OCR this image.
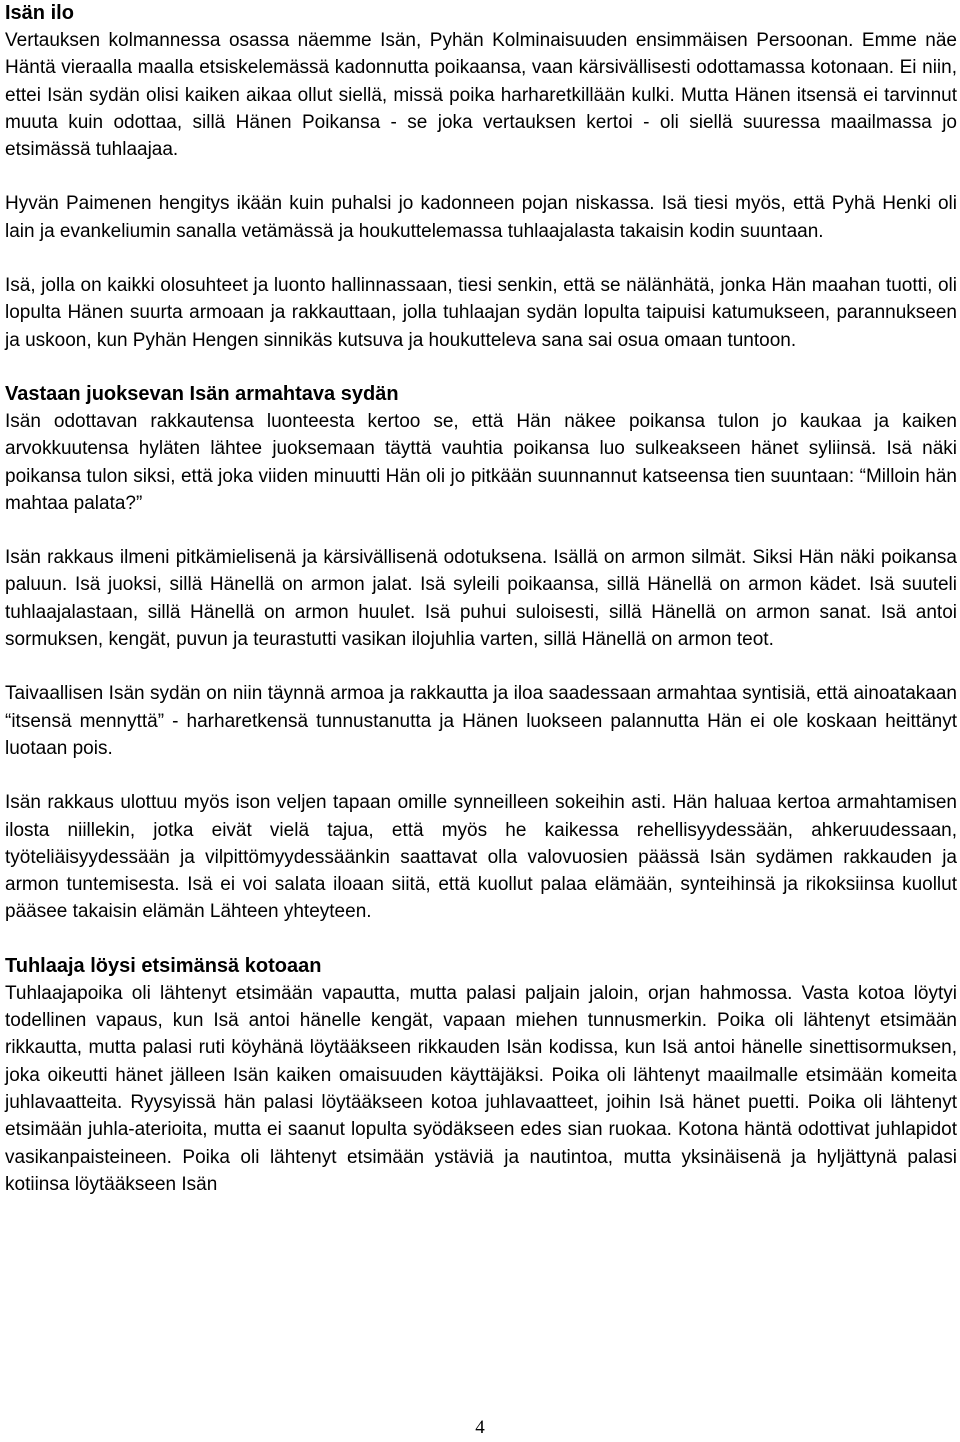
Isän ilo

Vertauksen kolmannessa osassa näemme Isän, Pyhän Kolminaisuuden ensimmäisen Persoonan. Emme näe Häntä vieraalla maalla etsiskelemässä kadonnutta poikaansa, vaan kärsivällisesti odottamassa kotonaan. Ei niin, ettei Isän sydän olisi kaiken aikaa ollut siellä, missä poika harharetkillään kulki. Mutta Hänen itsensä ei tarvinnut muuta kuin odottaa, sillä Hänen Poikansa - se joka vertauksen kertoi - oli siellä suuressa maailmassa jo etsimässä tuhlaajaa.

Hyvän Paimenen hengitys ikään kuin puhalsi jo kadonneen pojan niskassa. Isä tiesi myös, että Pyhä Henki oli lain ja evankeliumin sanalla vetämässä ja houkuttelemassa tuhlaajalasta takaisin kodin suuntaan.

Isä, jolla on kaikki olosuhteet ja luonto hallinnassaan, tiesi senkin, että se nälänhätä, jonka Hän maahan tuotti, oli lopulta Hänen suurta armoaan ja rakkauttaan, jolla tuhlaajan sydän lopulta taipuisi katumukseen, parannukseen ja uskoon, kun Pyhän Hengen sinnikäs kutsuva ja houkutteleva sana sai osua omaan tuntoon.

Vastaan juoksevan Isän armahtava sydän

Isän odottavan rakkautensa luonteesta kertoo se, että Hän näkee poikansa tulon jo kaukaa ja kaiken arvokkuutensa hyläten lähtee juoksemaan täyttä vauhtia poikansa luo sulkeakseen hänet syliinsä. Isä näki poikansa tulon siksi, että joka viiden minuutti Hän oli jo pitkään suunnannut katseensa tien suuntaan: “Milloin hän mahtaa palata?”

Isän rakkaus ilmeni pitkämielisenä ja kärsivällisenä odotuksena. Isällä on armon silmät. Siksi Hän näki poikansa paluun. Isä juoksi, sillä Hänellä on armon jalat. Isä syleili poikaansa, sillä Hänellä on armon kädet. Isä suuteli tuhlaajalastaan, sillä Hänellä on armon huulet. Isä puhui suloisesti, sillä Hänellä on armon sanat. Isä antoi sormuksen, kengät, puvun ja teurastutti vasikan ilojuhlia varten, sillä Hänellä on armon teot.

Taivaallisen Isän sydän on niin täynnä armoa ja rakkautta ja iloa saadessaan armahtaa syntisiä, että ainoatakaan “itsensä mennyttä” - harharetkensä tunnustanutta ja Hänen luokseen palannutta Hän ei ole koskaan heittänyt luotaan pois.

Isän rakkaus ulottuu myös ison veljen tapaan omille synneilleen sokeihin asti. Hän haluaa kertoa armahtamisen ilosta niillekin, jotka eivät vielä tajua, että myös he kaikessa rehellisyydessään, ahkeruudessaan, työteliäisyydessään ja vilpittömyydessäänkin saattavat olla valovuosien päässä Isän sydämen rakkauden ja armon tuntemisesta. Isä ei voi salata iloaan siitä, että kuollut palaa elämään, synteihinsä ja rikoksiinsa kuollut pääsee takaisin elämän Lähteen yhteyteen.

Tuhlaaja löysi etsimänsä kotoaan

Tuhlaajapoika oli lähtenyt etsimään vapautta, mutta palasi paljain jaloin, orjan hahmossa. Vasta kotoa löytyi todellinen vapaus, kun Isä antoi hänelle kengät, vapaan miehen tunnusmerkin. Poika oli lähtenyt etsimään rikkautta, mutta palasi ruti köyhänä löytääkseen rikkauden Isän kodissa, kun Isä antoi hänelle sinettisormuksen, joka oikeutti hänet jälleen Isän kaiken omaisuuden käyttäjäksi. Poika oli lähtenyt maailmalle etsimään komeita juhlavaatteita. Ryysyissä hän palasi löytääkseen kotoa juhlavaatteet, joihin Isä hänet puetti. Poika oli lähtenyt etsimään juhla-aterioita, mutta ei saanut lopulta syödäkseen edes sian ruokaa. Kotona häntä odottivat juhlapidot vasikanpaisteineen. Poika oli lähtenyt etsimään ystäviä ja nautintoa, mutta yksinäisenä ja hyljättynä palasi kotiinsa löytääkseen Isän

4
